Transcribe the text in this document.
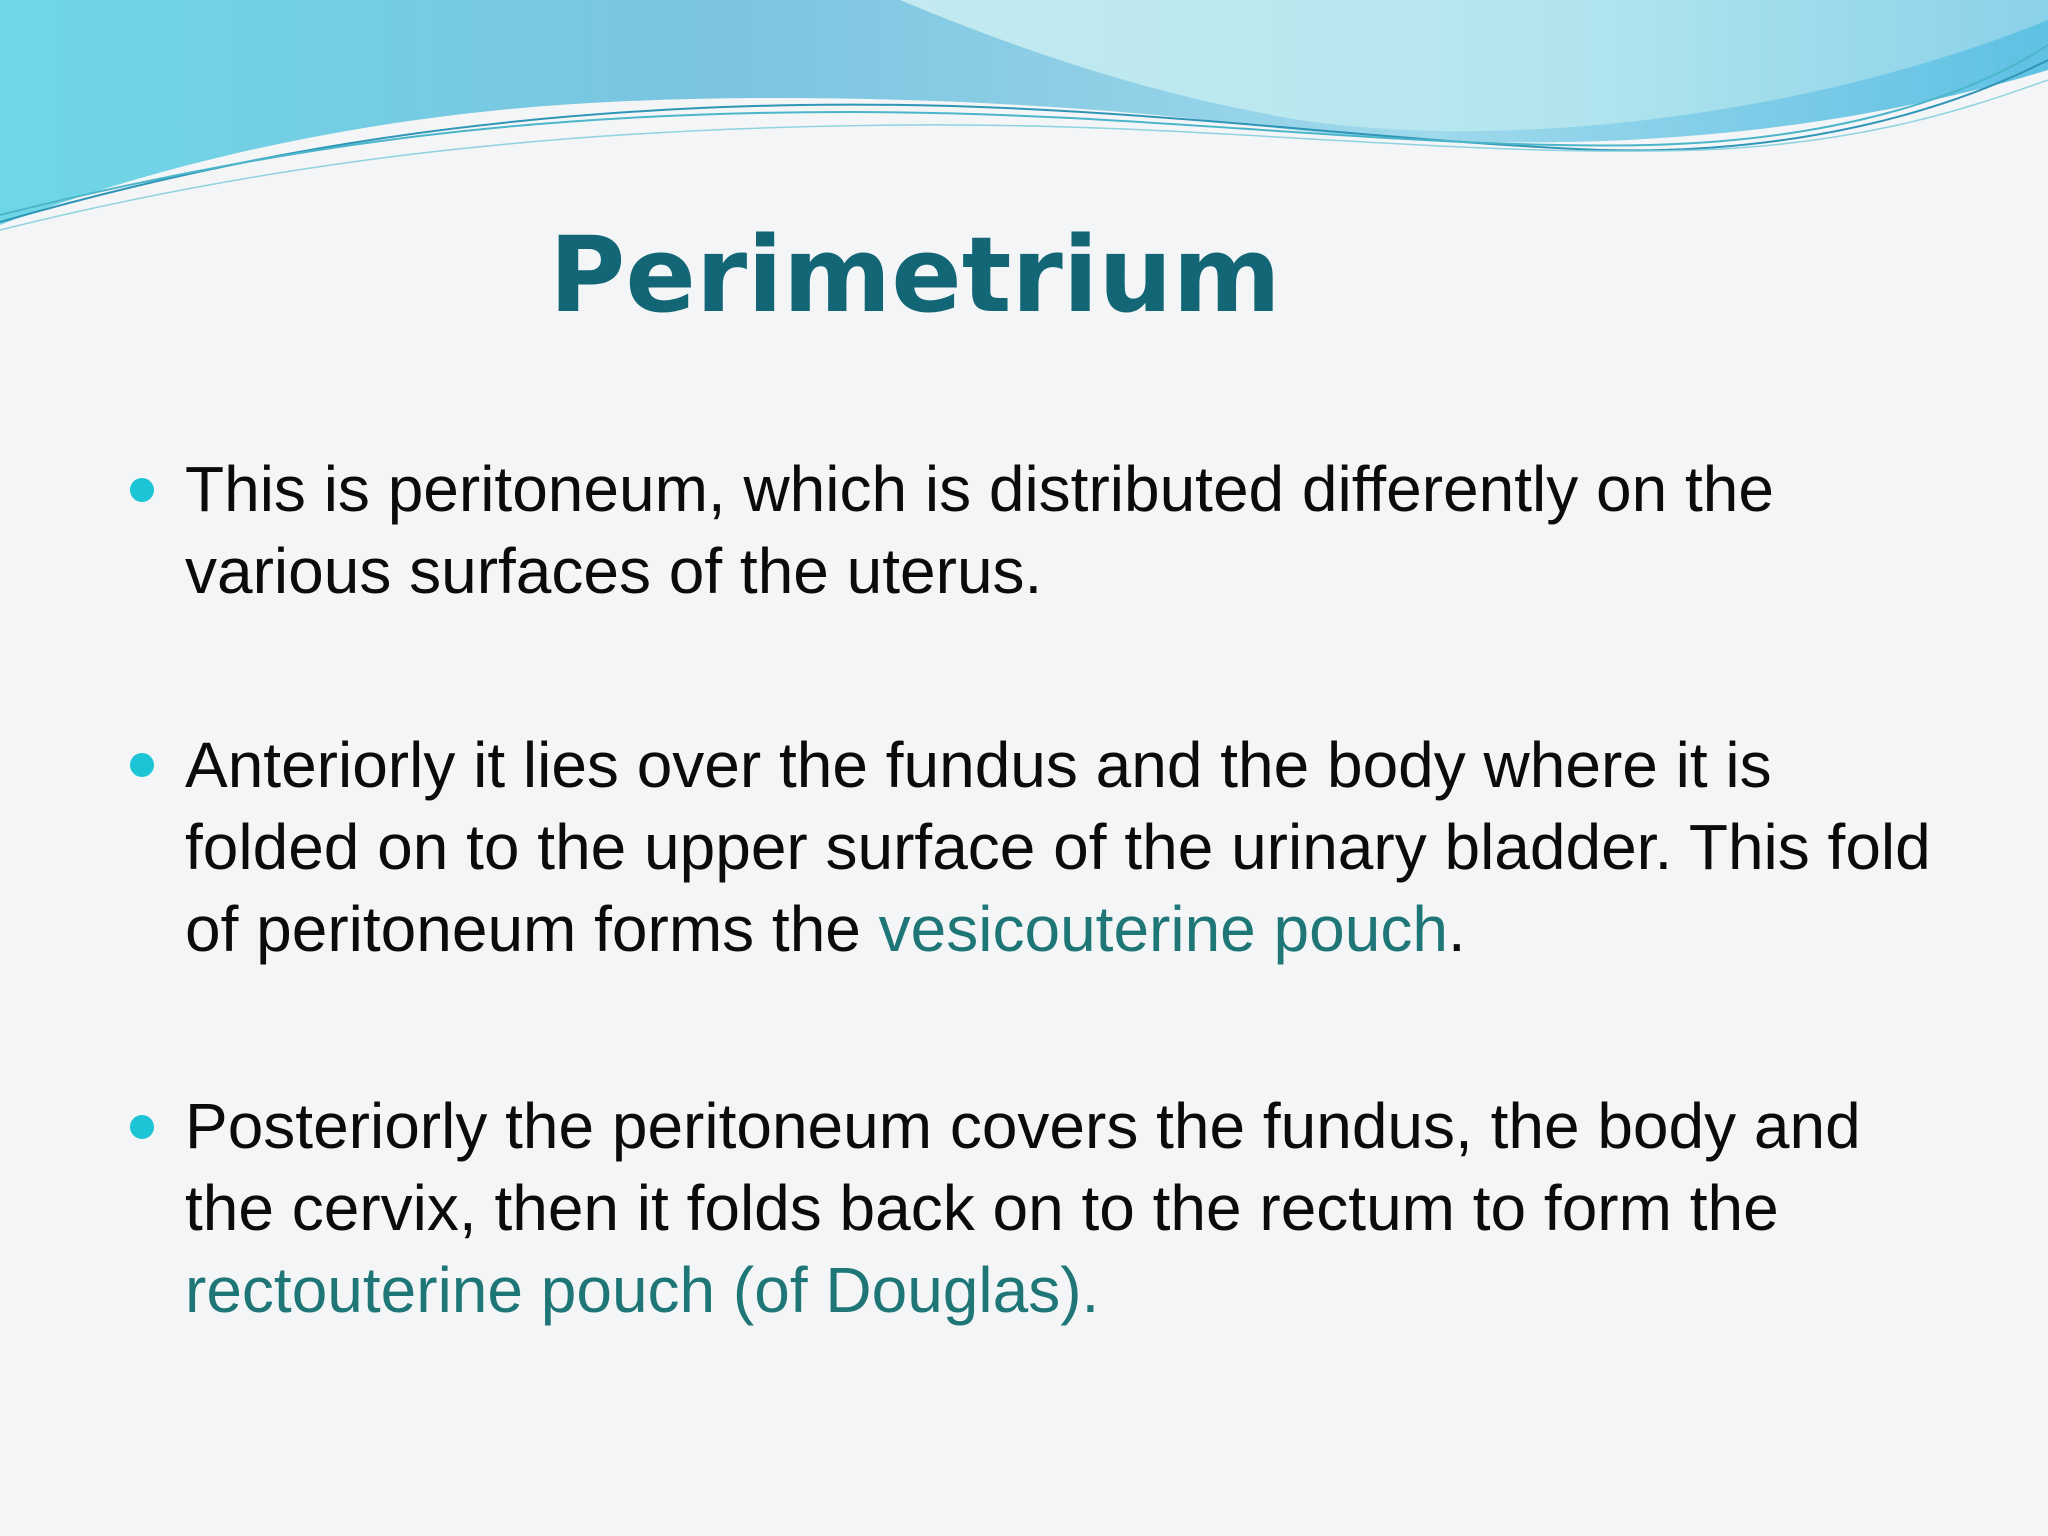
Perimetrium

This is peritoneum, which is distributed differently on the various surfaces of the uterus.

Anteriorly it lies over the fundus and the body where it is folded on to the upper surface of the urinary bladder. This fold of peritoneum forms the vesicouterine pouch.

Posteriorly the peritoneum covers the fundus, the body and the cervix, then it folds back on to the rectum to form the rectouterine pouch (of Douglas).
